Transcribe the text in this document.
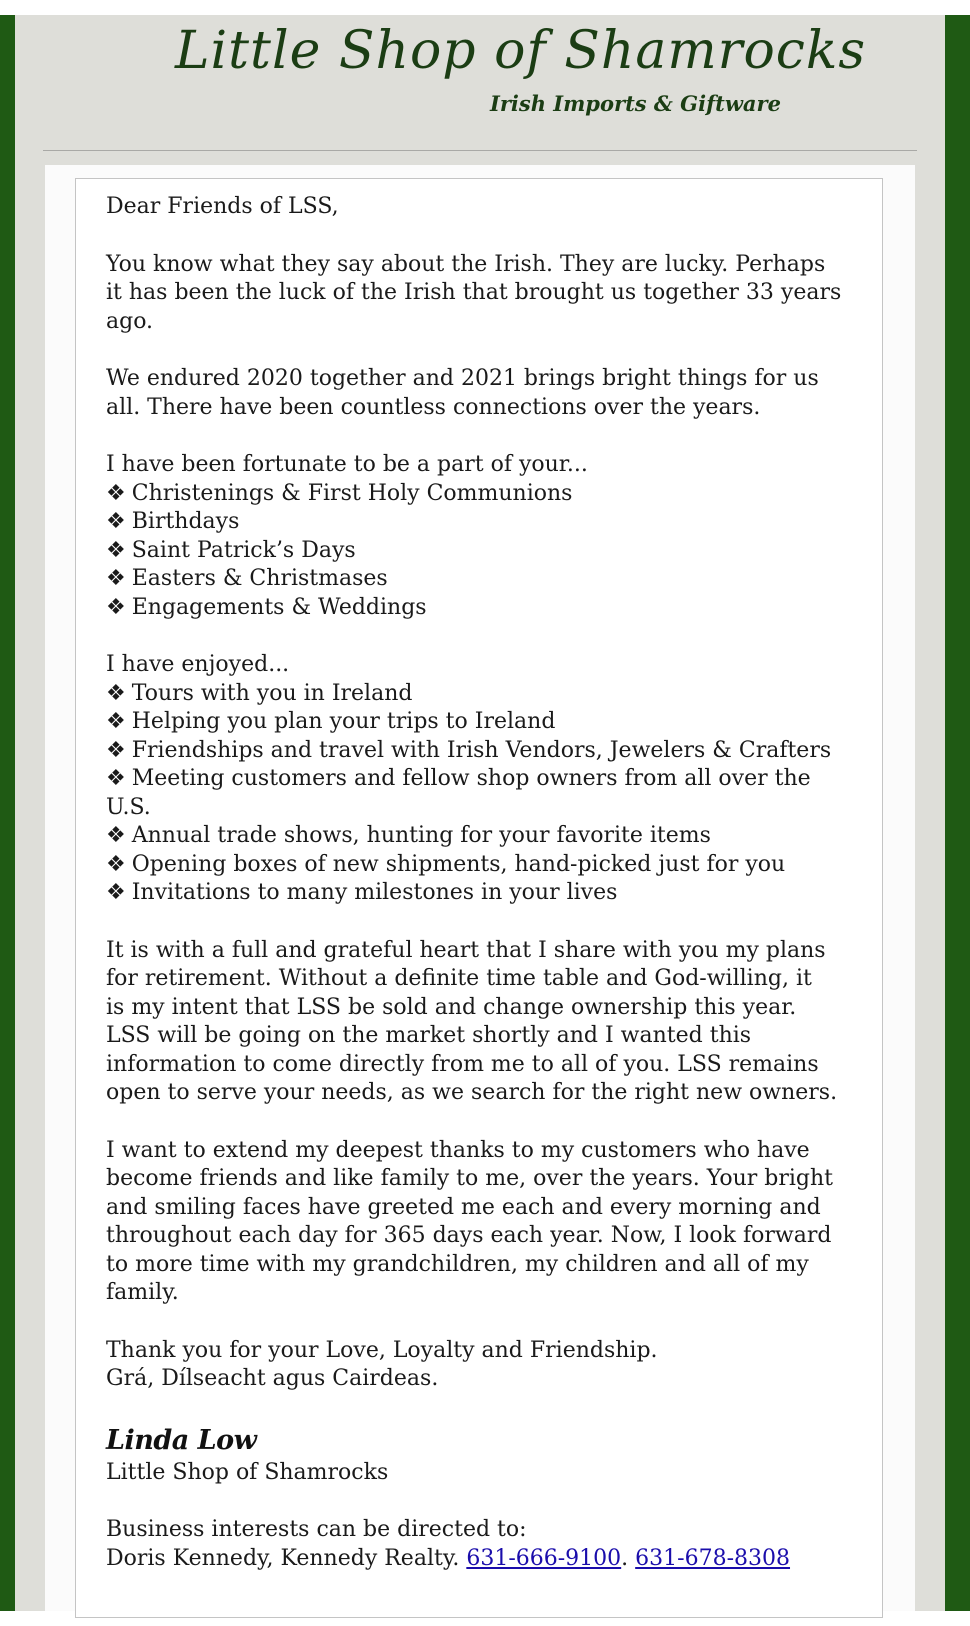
Little Shop of Shamrocks
Irish Imports & Giftware

Dear Friends of LSS,

You know what they say about the Irish. They are lucky. Perhaps
it has been the luck of the Irish that brought us together 33 years
ago.

We endured 2020 together and 2021 brings bright things for us
all. There have been countless connections over the years.

I have been fortunate to be a part of your...
❖ Christenings & First Holy Communions
❖ Birthdays
❖ Saint Patrick’s Days
❖ Easters & Christmases
❖ Engagements & Weddings
I have enjoyed...
❖ Tours with you in Ireland
❖ Helping you plan your trips to Ireland
❖ Friendships and travel with Irish Vendors, Jewelers & Crafters
❖ Meeting customers and fellow shop owners from all over the U.S.
❖ Annual trade shows, hunting for your favorite items
❖ Opening boxes of new shipments, hand-picked just for you
❖ Invitations to many milestones in your lives

It is with a full and grateful heart that I share with you my plans
for retirement. Without a definite time table and God-willing, it
is my intent that LSS be sold and change ownership this year.
LSS will be going on the market shortly and I wanted this
information to come directly from me to all of you. LSS remains
open to serve your needs, as we search for the right new owners.

I want to extend my deepest thanks to my customers who have
become friends and like family to me, over the years. Your bright
and smiling faces have greeted me each and every morning and
throughout each day for 365 days each year. Now, I look forward
to more time with my grandchildren, my children and all of my
family.

Thank you for your Love, Loyalty and Friendship.
Grá, Dílseacht agus Cairdeas.

Linda Low
Little Shop of Shamrocks

Business interests can be directed to:
Doris Kennedy, Kennedy Realty. 631-666-9100. 631-678-8308
